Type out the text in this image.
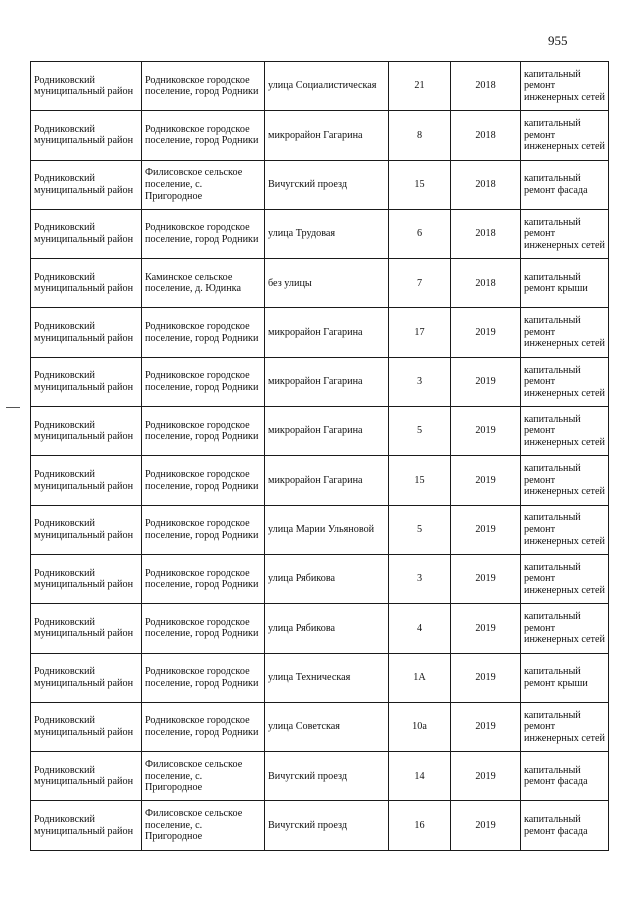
955
Родниковский муниципальный район	Родниковское городское поселение, город Родники	улица Социалистическая	21	2018	капитальный ремонт инженерных сетей
Родниковский муниципальный район	Родниковское городское поселение, город Родники	микрорайон Гагарина	8	2018	капитальный ремонт инженерных сетей
Родниковский муниципальный район	Филисовское сельское поселение, с. Пригородное	Вичугский проезд	15	2018	капитальный ремонт фасада
Родниковский муниципальный район	Родниковское городское поселение, город Родники	улица Трудовая	6	2018	капитальный ремонт инженерных сетей
Родниковский муниципальный район	Каминское сельское поселение, д. Юдинка	без улицы	7	2018	капитальный ремонт крыши
Родниковский муниципальный район	Родниковское городское поселение, город Родники	микрорайон Гагарина	17	2019	капитальный ремонт инженерных сетей
Родниковский муниципальный район	Родниковское городское поселение, город Родники	микрорайон Гагарина	3	2019	капитальный ремонт инженерных сетей
Родниковский муниципальный район	Родниковское городское поселение, город Родники	микрорайон Гагарина	5	2019	капитальный ремонт инженерных сетей
Родниковский муниципальный район	Родниковское городское поселение, город Родники	микрорайон Гагарина	15	2019	капитальный ремонт инженерных сетей
Родниковский муниципальный район	Родниковское городское поселение, город Родники	улица Марии Ульяновой	5	2019	капитальный ремонт инженерных сетей
Родниковский муниципальный район	Родниковское городское поселение, город Родники	улица Рябикова	3	2019	капитальный ремонт инженерных сетей
Родниковский муниципальный район	Родниковское городское поселение, город Родники	улица Рябикова	4	2019	капитальный ремонт инженерных сетей
Родниковский муниципальный район	Родниковское городское поселение, город Родники	улица Техническая	1А	2019	капитальный ремонт крыши
Родниковский муниципальный район	Родниковское городское поселение, город Родники	улица Советская	10а	2019	капитальный ремонт инженерных сетей
Родниковский муниципальный район	Филисовское сельское поселение, с. Пригородное	Вичугский проезд	14	2019	капитальный ремонт фасада
Родниковский муниципальный район	Филисовское сельское поселение, с. Пригородное	Вичугский проезд	16	2019	капитальный ремонт фасада
